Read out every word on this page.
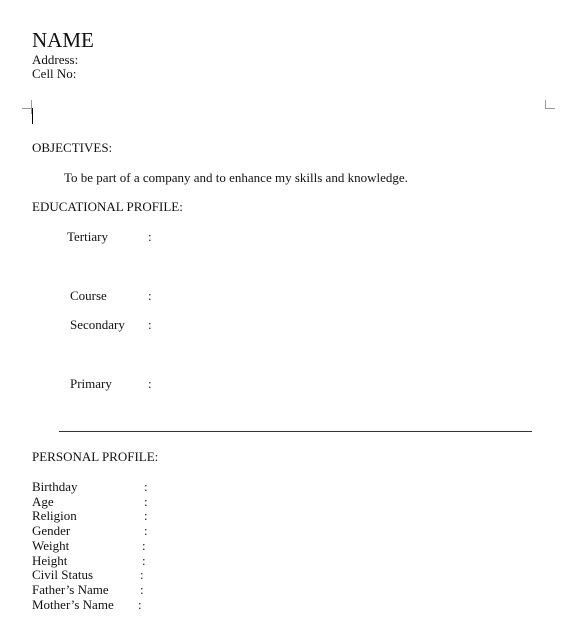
NAME
Address:
Cell No:
OBJECTIVES:
To be part of a company and to enhance my skills and knowledge.
EDUCATIONAL PROFILE:
Tertiary	:
Course	:
Secondary :
Primary	:
PERSONAL PROFILE:
Birthday	:
Age	:
Religion	:
Gender	:
Weight	:
Height	:
Civil Status	:
Father’s Name :
Mother’s Name :
